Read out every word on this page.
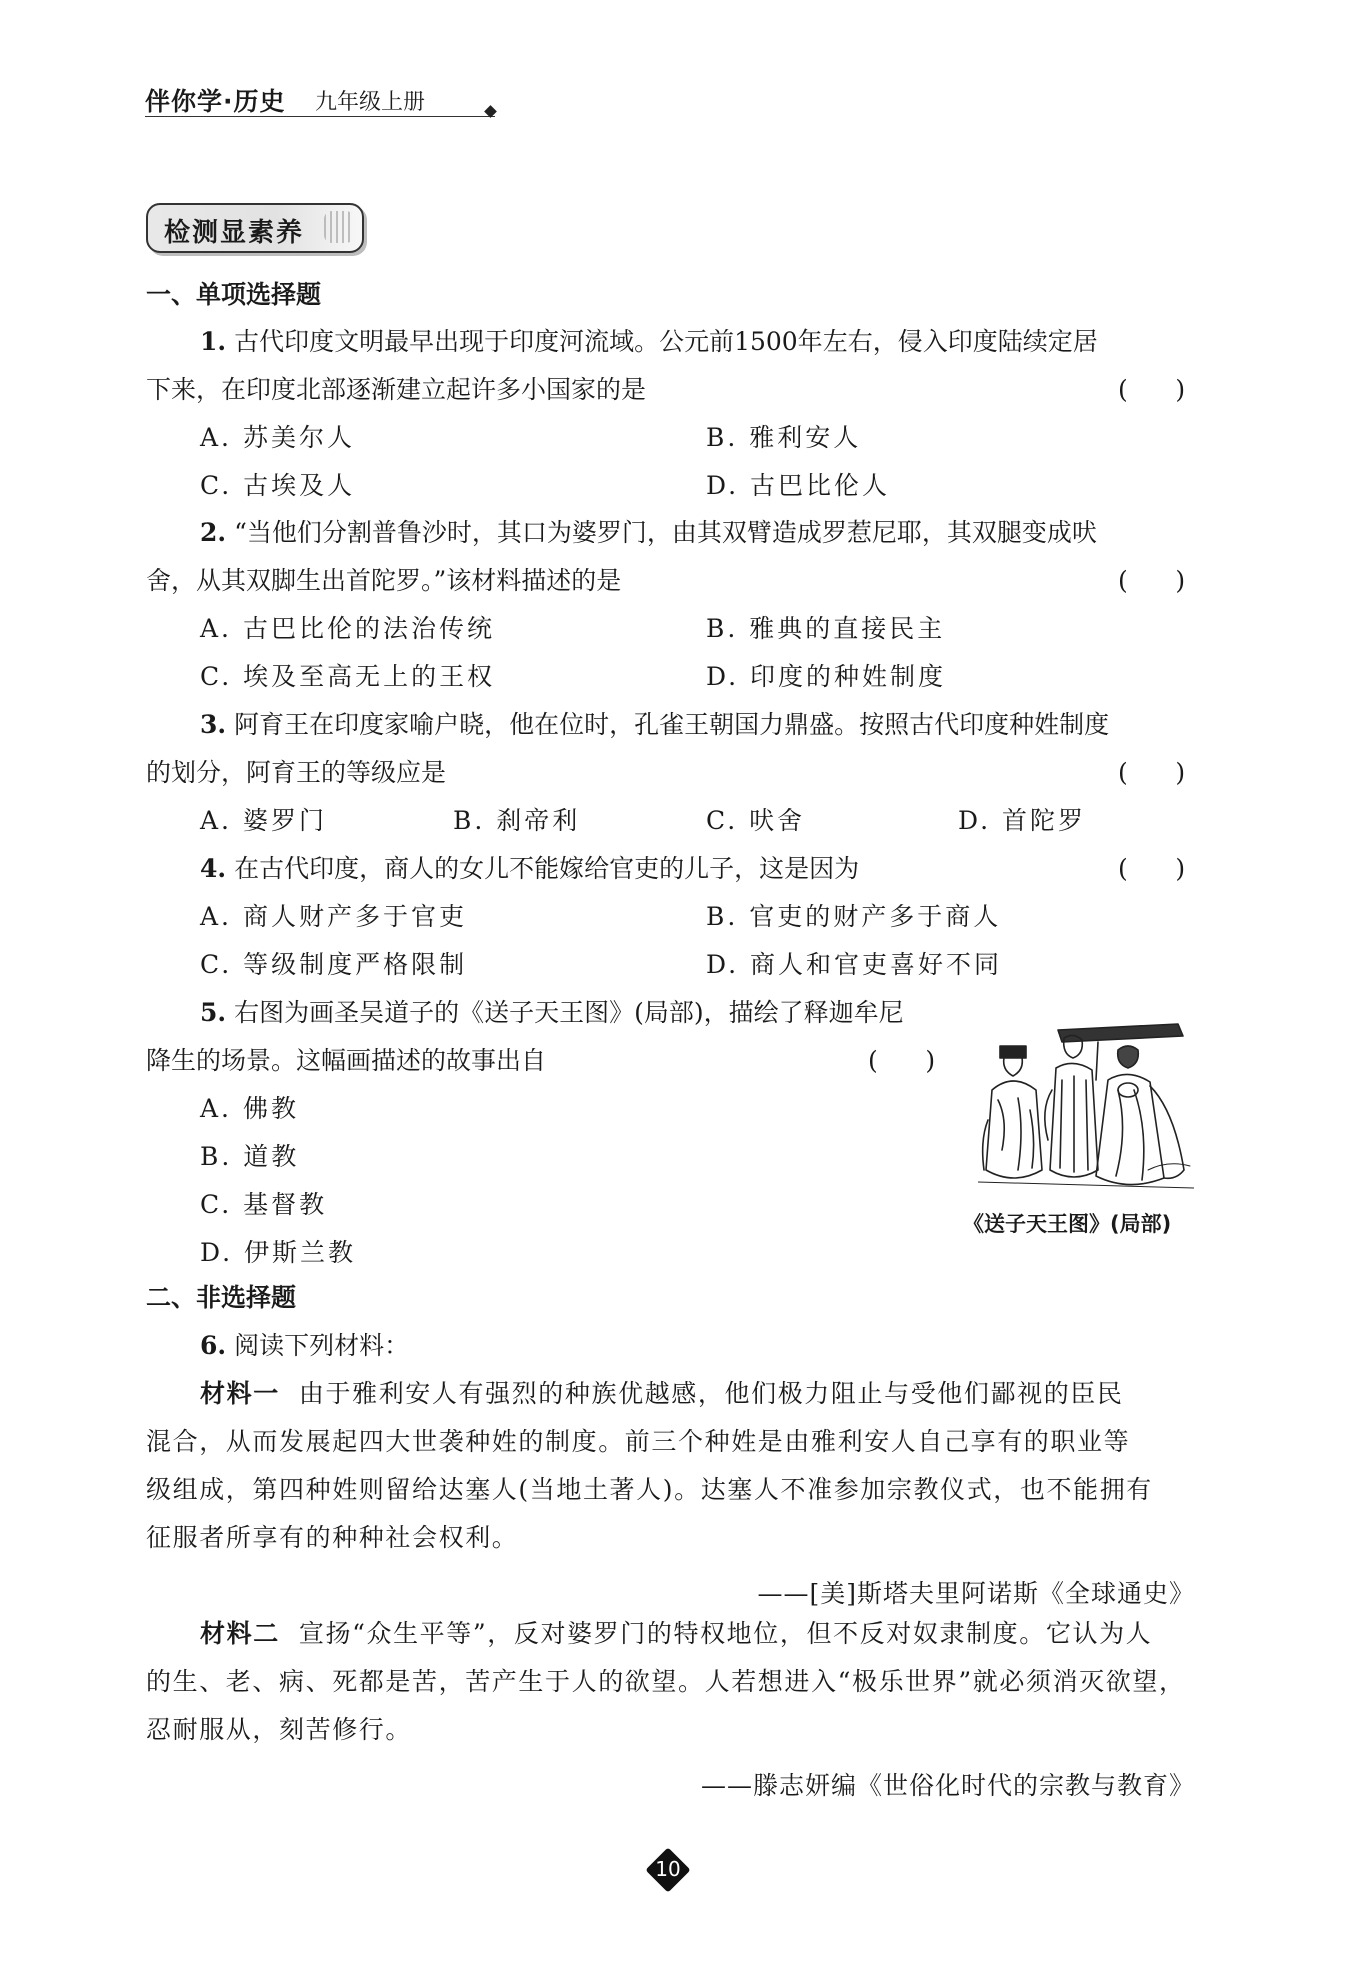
伴你学·历史 九年级上册
检测显素养
一、单项选择题
1. 古代印度文明最早出现于印度河流域。公元前1500年左右，侵入印度陆续定居
下来，在印度北部逐渐建立起许多小国家的是	(      )
A. 苏美尔人	B. 雅利安人
C. 古埃及人	D. 古巴比伦人
2. “当他们分割普鲁沙时，其口为婆罗门，由其双臂造成罗惹尼耶，其双腿变成吠
舍，从其双脚生出首陀罗。”该材料描述的是	(      )
A. 古巴比伦的法治传统	B. 雅典的直接民主
C. 埃及至高无上的王权	D. 印度的种姓制度
3. 阿育王在印度家喻户晓，他在位时，孔雀王朝国力鼎盛。按照古代印度种姓制度
的划分，阿育王的等级应是	(      )
A. 婆罗门	B. 刹帝利	C. 吠舍	D. 首陀罗
4. 在古代印度，商人的女儿不能嫁给官吏的儿子，这是因为	(      )
A. 商人财产多于官吏	B. 官吏的财产多于商人
C. 等级制度严格限制	D. 商人和官吏喜好不同
5. 右图为画圣吴道子的《送子天王图》(局部)，描绘了释迦牟尼
降生的场景。这幅画描述的故事出自	(      )
A. 佛教
B. 道教
C. 基督教
D. 伊斯兰教
《送子天王图》(局部)
二、非选择题
6. 阅读下列材料：
材料一 由于雅利安人有强烈的种族优越感，他们极力阻止与受他们鄙视的臣民
混合，从而发展起四大世袭种姓的制度。前三个种姓是由雅利安人自己享有的职业等
级组成，第四种姓则留给达塞人(当地土著人)。达塞人不准参加宗教仪式，也不能拥有
征服者所享有的种种社会权利。
——[美]斯塔夫里阿诺斯《全球通史》
材料二 宣扬“众生平等”，反对婆罗门的特权地位，但不反对奴隶制度。它认为人
的生、老、病、死都是苦，苦产生于人的欲望。人若想进入“极乐世界”就必须消灭欲望，
忍耐服从，刻苦修行。
——滕志妍编《世俗化时代的宗教与教育》
10
